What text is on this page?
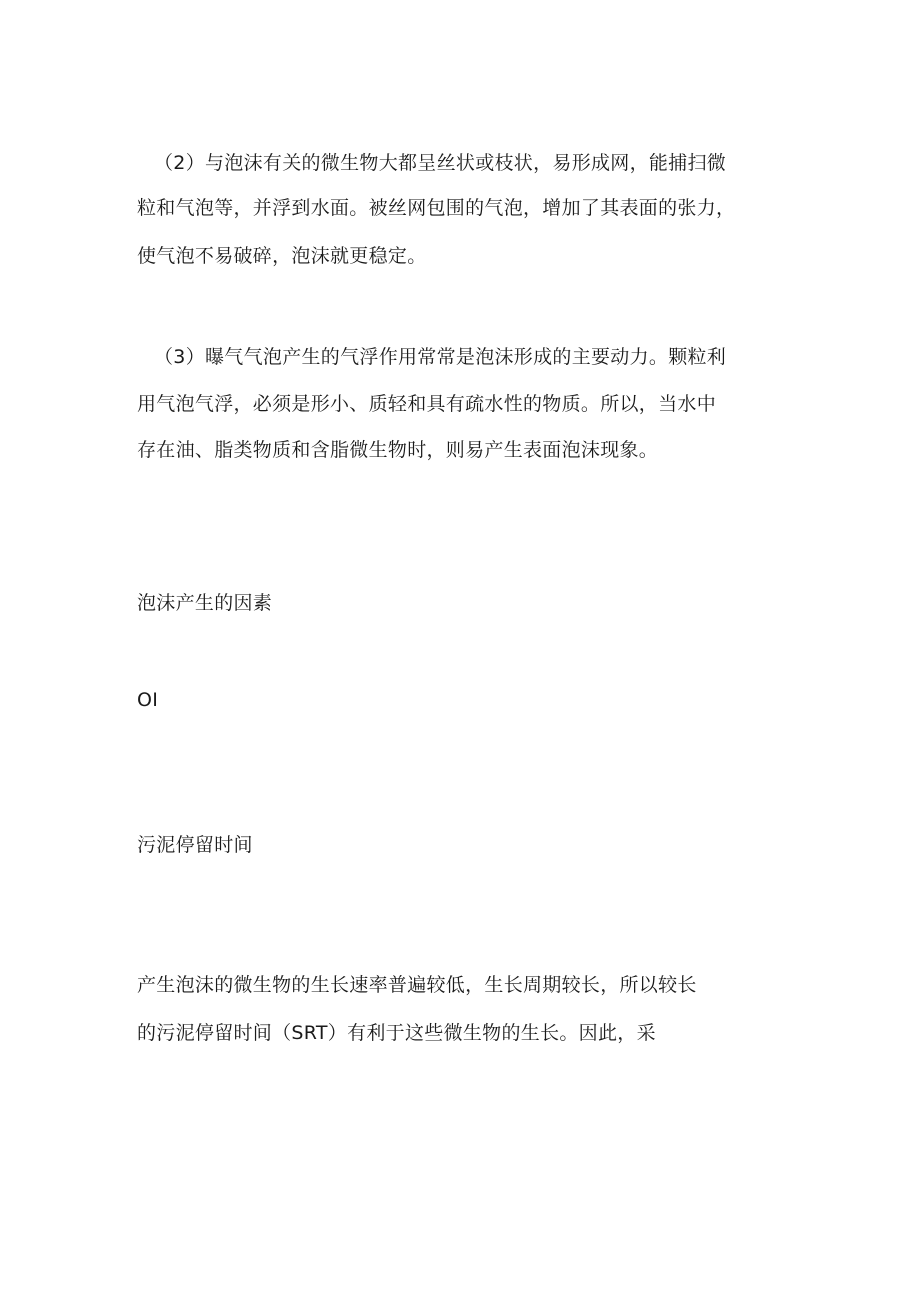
（2）与泡沫有关的微生物大都呈丝状或枝状，易形成网，能捕扫微
粒和气泡等，并浮到水面。被丝网包围的气泡，增加了其表面的张力，
使气泡不易破碎，泡沫就更稳定。
（3）曝气气泡产生的气浮作用常常是泡沫形成的主要动力。颗粒利
用气泡气浮，必须是形小、质轻和具有疏水性的物质。所以，当水中
存在油、脂类物质和含脂微生物时，则易产生表面泡沫现象。
泡沫产生的因素
OI
污泥停留时间
产生泡沫的微生物的生长速率普遍较低，生长周期较长，所以较长
的污泥停留时间（SRT）有利于这些微生物的生长。因此，采
